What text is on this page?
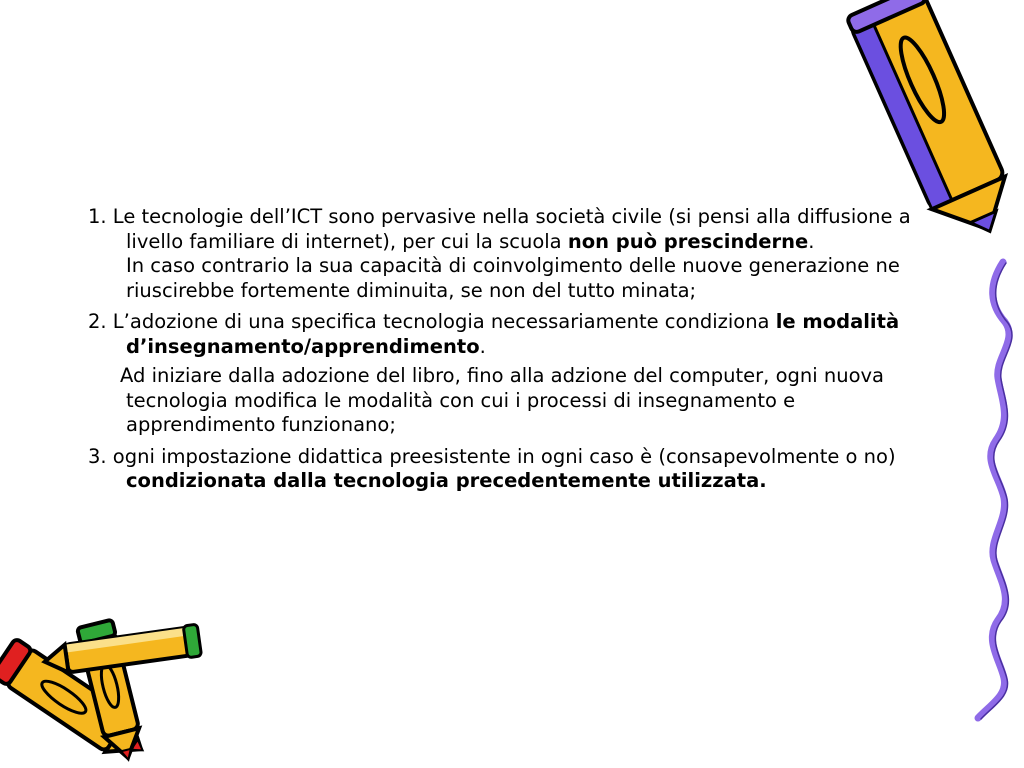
1. Le tecnologie dell’ICT sono pervasive nella società civile (si pensi alla diffusione a livello familiare di internet), per cui la scuola non può prescinderne.
In caso contrario la sua capacità di coinvolgimento delle nuove generazione ne riuscirebbe fortemente diminuita, se non del tutto minata;
2. L’adozione di una specifica tecnologia necessariamente condiziona le modalità d’insegnamento/apprendimento.
Ad iniziare dalla adozione del libro, fino alla adzione del computer, ogni nuova tecnologia modifica le modalità con cui i processi di insegnamento e apprendimento funzionano;
3. ogni impostazione didattica preesistente in ogni caso è (consapevolmente o no) condizionata dalla tecnologia precedentemente utilizzata.
